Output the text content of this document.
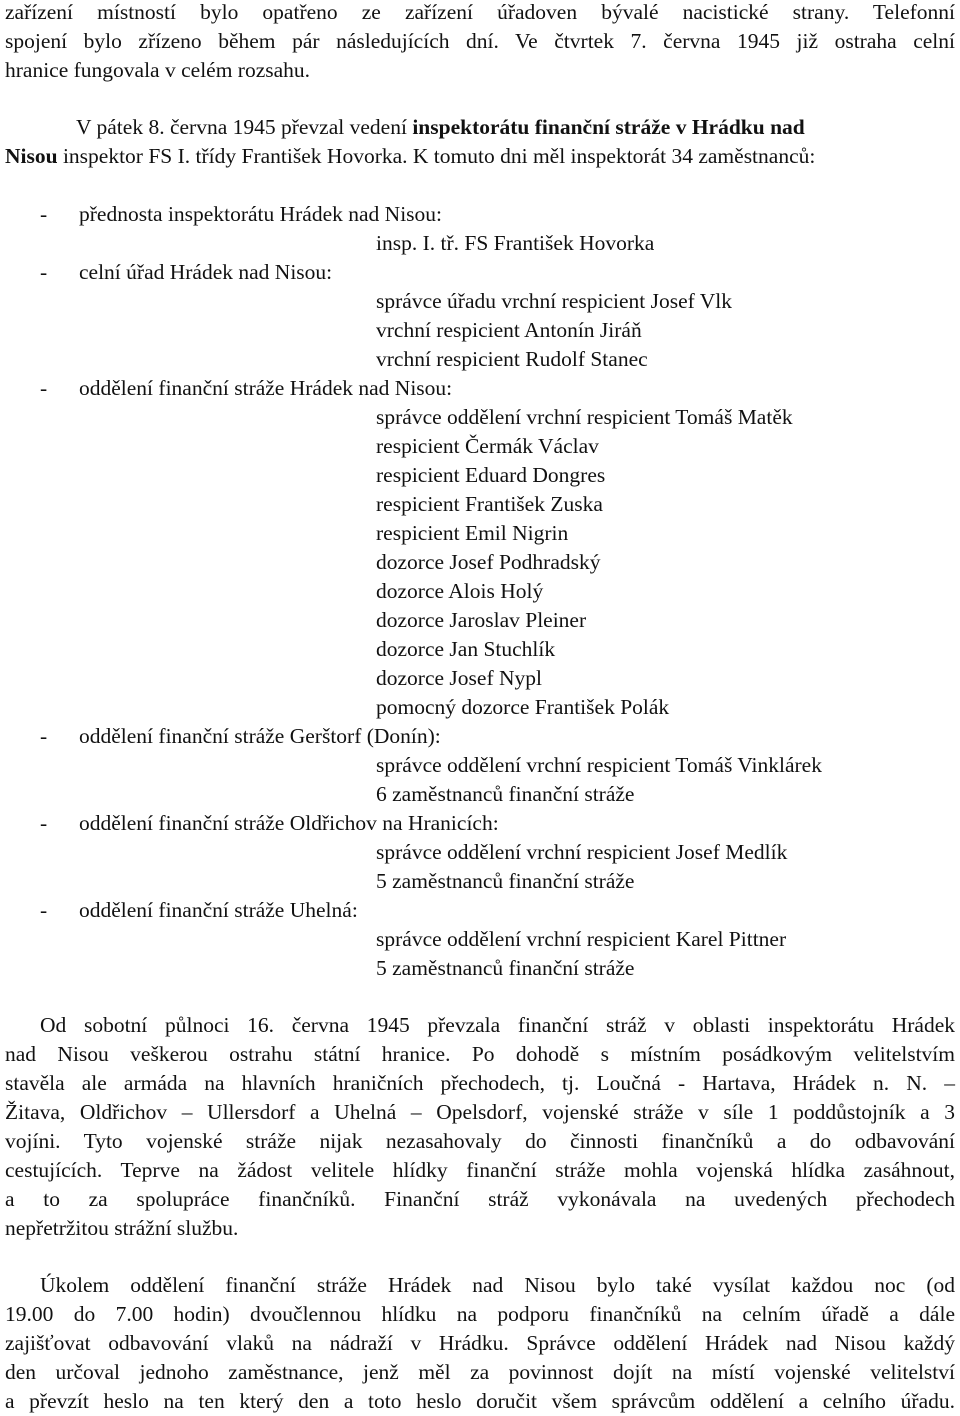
zařízení místností bylo opatřeno ze zařízení úřadoven bývalé nacistické strany. Telefonní
spojení bylo zřízeno během pár následujících dní. Ve čtvrtek 7. června 1945 již ostraha celní
hranice fungovala v celém rozsahu.
V pátek 8. června 1945 převzal vedení inspektorátu finanční stráže v Hrádku nad
Nisou inspektor FS I. třídy František Hovorka. K tomuto dni měl inspektorát 34 zaměstnanců:
- přednosta inspektorátu Hrádek nad Nisou:
insp. I. tř. FS František Hovorka
- celní úřad Hrádek nad Nisou:
správce úřadu vrchní respicient Josef Vlk
vrchní respicient Antonín Jiráň
vrchní respicient Rudolf Stanec
- oddělení finanční stráže Hrádek nad Nisou:
správce oddělení vrchní respicient Tomáš Matěk
respicient Čermák Václav
respicient Eduard Dongres
respicient František Zuska
respicient Emil Nigrin
dozorce Josef Podhradský
dozorce Alois Holý
dozorce Jaroslav Pleiner
dozorce Jan Stuchlík
dozorce Josef Nypl
pomocný dozorce František Polák
- oddělení finanční stráže Gerštorf (Donín):
správce oddělení vrchní respicient Tomáš Vinklárek
6 zaměstnanců finanční stráže
- oddělení finanční stráže Oldřichov na Hranicích:
správce oddělení vrchní respicient Josef Medlík
5 zaměstnanců finanční stráže
- oddělení finanční stráže Uhelná:
správce oddělení vrchní respicient Karel Pittner
5 zaměstnanců finanční stráže
Od sobotní půlnoci 16. června 1945 převzala finanční stráž v oblasti inspektorátu Hrádek
nad Nisou veškerou ostrahu státní hranice. Po dohodě s místním posádkovým velitelstvím
stavěla ale armáda na hlavních hraničních přechodech, tj. Loučná - Hartava, Hrádek n. N. –
Žitava, Oldřichov – Ullersdorf a Uhelná – Opelsdorf, vojenské stráže v síle 1 poddůstojník a 3
vojíni. Tyto vojenské stráže nijak nezasahovaly do činnosti finančníků a do odbavování
cestujících. Teprve na žádost velitele hlídky finanční stráže mohla vojenská hlídka zasáhnout,
a to za spolupráce finančníků. Finanční stráž vykonávala na uvedených přechodech
nepřetržitou strážní službu.
Úkolem oddělení finanční stráže Hrádek nad Nisou bylo také vysílat každou noc (od
19.00 do 7.00 hodin) dvoučlennou hlídku na podporu finančníků na celním úřadě a dále
zajišťovat odbavování vlaků na nádraží v Hrádku. Správce oddělení Hrádek nad Nisou každý
den určoval jednoho zaměstnance, jenž měl za povinnost dojít na místí vojenské velitelství
a převzít heslo na ten který den a toto heslo doručit všem správcům oddělení a celního úřadu.
